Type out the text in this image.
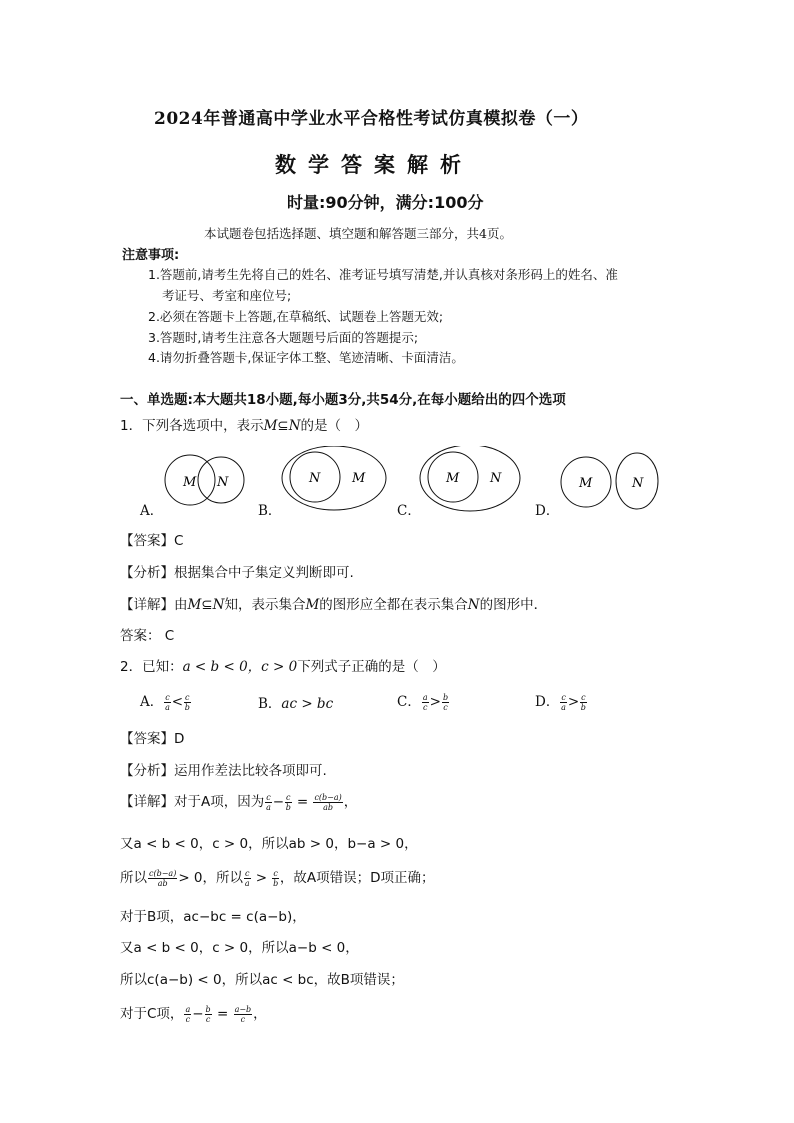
2024年普通高中学业水平合格性考试仿真模拟卷（一）
数学答案解析
时量:90分钟，满分:100分
本试题卷包括选择题、填空题和解答题三部分，共4页。
注意事项:
1.答题前,请考生先将自己的姓名、准考证号填写清楚,并认真核对条形码上的姓名、准
考证号、考室和座位号;
2.必须在答题卡上答题,在草稿纸、试题卷上答题无效;
3.答题时,请考生注意各大题题号后面的答题提示;
4.请勿折叠答题卡,保证字体工整、笔迹清晰、卡面清洁。
一、单选题:本大题共18小题,每小题3分,共54分,在每小题给出的四个选项
1．下列各选项中，表示M⊆N的是（　）
M N	N M	M N	M	N
A．	B．	C．	D．
【答案】C
【分析】根据集合中子集定义判断即可.
【详解】由M⊆N知，表示集合M的图形应全都在表示集合N的图形中．
答案： C
2．已知：a < b < 0，c > 0下列式子正确的是（　）
A． $\frac{c}{a} < \frac{c}{b}$	B．ac > bc	C． $\frac{a}{c} > \frac{b}{c}$	D． $\frac{c}{a} > \frac{c}{b}$
【答案】D
【分析】运用作差法比较各项即可.
【详解】对于A项，因为 $\frac{c}{a} - \frac{c}{b} = \frac{c(b-a)}{ab}$ ，
又a < b < 0，c > 0，所以ab > 0，b−a > 0，
所以 $\frac{c(b-a)}{ab} > 0$，所以 $\frac{c}{a} > \frac{c}{b}$ ，故A项错误；D项正确；
对于B项，ac−bc = c(a−b)，
又a < b < 0，c > 0，所以a−b < 0，
所以c(a−b) < 0，所以ac < bc，故B项错误；
对于C项， $\frac{a}{c} - \frac{b}{c} = \frac{a-b}{c}$ ，
